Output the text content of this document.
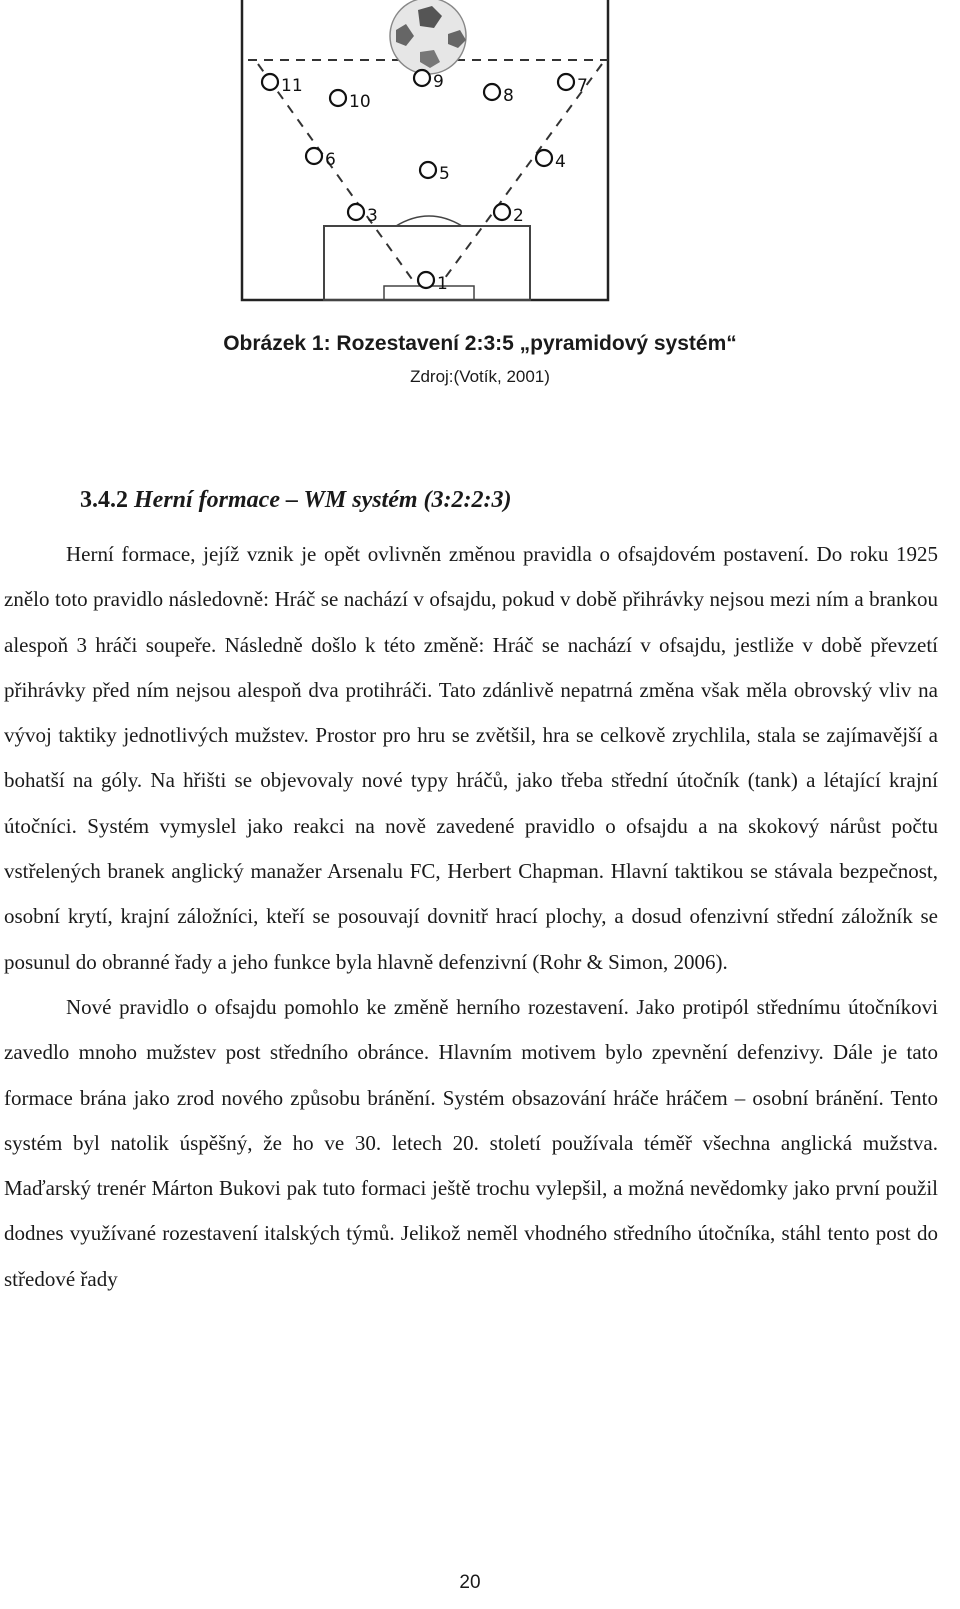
11
10
9
8	7
6
5
4
3	2
1
Obrázek 1: Rozestavení 2:3:5 „pyramidový systém“
Zdroj:(Votík, 2001)
3.4.2 Herní formace – WM systém (3:2:2:3)

Herní formace, jejíž vznik je opět ovlivněn změnou pravidla o ofsajdovém postavení. Do roku 1925 znělo toto pravidlo následovně: Hráč se nachází v ofsajdu, pokud v době přihrávky nejsou mezi ním a brankou alespoň 3 hráči soupeře. Následně došlo k této změně: Hráč se nachází v ofsajdu, jestliže v době převzetí přihrávky před ním nejsou alespoň dva protihráči. Tato zdánlivě nepatrná změna však měla obrovský vliv na vývoj taktiky jednotlivých mužstev. Prostor pro hru se zvětšil, hra se celkově zrychlila, stala se zajímavější a bohatší na góly. Na hřišti se objevovaly nové typy hráčů, jako třeba střední útočník (tank) a létající krajní útočníci. Systém vymyslel jako reakci na nově zavedené pravidlo o ofsajdu a na skokový nárůst počtu vstřelených branek anglický manažer Arsenalu FC, Herbert Chapman. Hlavní taktikou se stávala bezpečnost, osobní krytí, krajní záložníci, kteří se posouvají dovnitř hrací plochy, a dosud ofenzivní střední záložník se posunul do obranné řady a jeho funkce byla hlavně defenzivní (Rohr & Simon, 2006).

Nové pravidlo o ofsajdu pomohlo ke změně herního rozestavení. Jako protipól střednímu útočníkovi zavedlo mnoho mužstev post středního obránce. Hlavním motivem bylo zpevnění defenzivy. Dále je tato formace brána jako zrod nového způsobu bránění. Systém obsazování hráče hráčem – osobní bránění. Tento systém byl natolik úspěšný, že ho ve 30. letech 20. století používala téměř všechna anglická mužstva. Maďarský trenér Márton Bukovi pak tuto formaci ještě trochu vylepšil, a možná nevědomky jako první použil dodnes využívané rozestavení italských týmů. Jelikož neměl vhodného středního útočníka, stáhl tento post do středové řady

20
